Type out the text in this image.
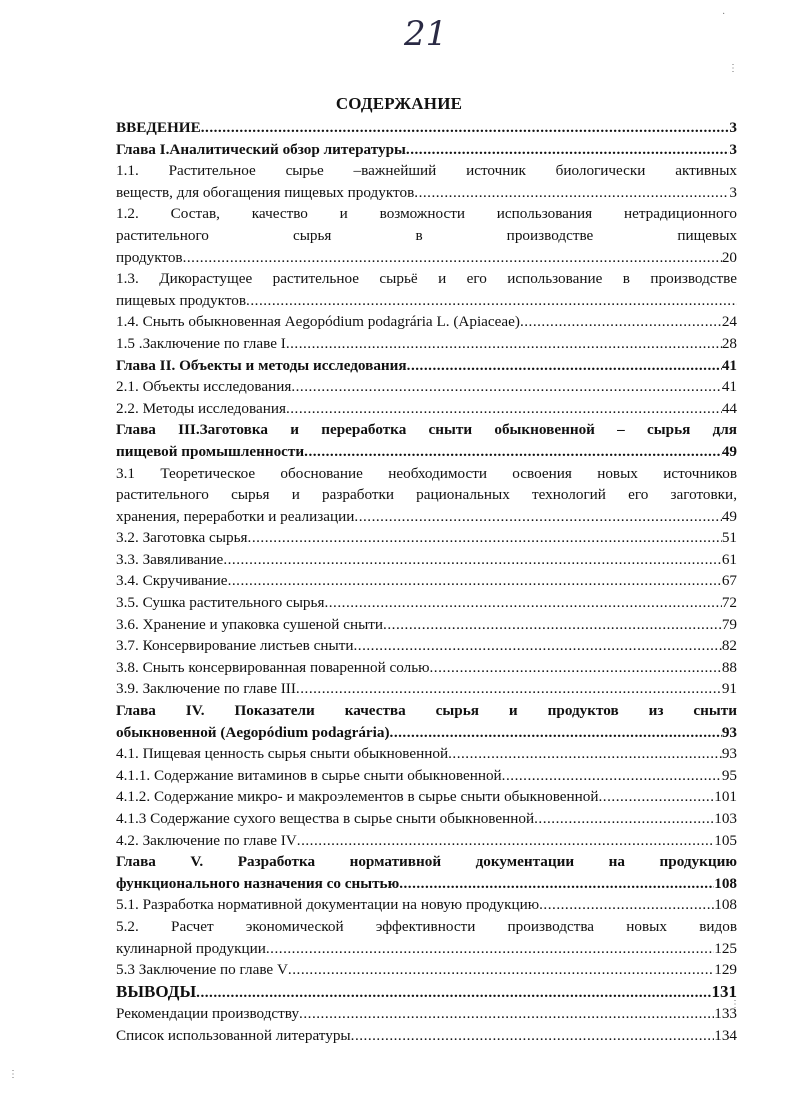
21
СОДЕРЖАНИЕ
ВВЕДЕНИЕ .....	3
Глава I.Аналитический обзор литературы .....	3
1.1. Растительное сырье –важнейший источник биологически активных
веществ, для обогащения пищевых продуктов .....	3
1.2. Состав, качество и возможности использования нетрадиционного
растительного сырья в производстве пищевых
продуктов .....	20
1.3. Дикорастущее растительное сырьё и его использование в производстве
пищевых продуктов
.....
1.4. Сныть обыкновенная Aegopódium podagrária L. (Apiaceae) .....	24
1.5 .Заключение по главе I .....	28
Глава II. Объекты и методы исследования .....	41
2.1. Объекты исследования .....	41
2.2. Методы исследования .....	44
Глава III.Заготовка и переработка сныти обыкновенной – сырья для
пищевой промышленности .....	49
3.1 Теоретическое обоснование необходимости освоения новых источников
растительного сырья и разработки рациональных технологий его заготовки,
хранения, переработки и реализации .....	49
3.2. Заготовка сырья .....	51
3.3. Завяливание .....	61
3.4. Скручивание .....	67
3.5. Сушка растительного сырья .....	72
3.6. Хранение и упаковка сушеной сныти .....	79
3.7. Консервирование листьев сныти .....	82
3.8. Сныть консервированная поваренной солью .....	88
3.9. Заключение по главе III .....	91
Глава IV. Показатели качества сырья и продуктов из сныти
обыкновенной (Aegopódium podagrária) .....	93
4.1. Пищевая ценность сырья сныти обыкновенной .....	93
4.1.1. Содержание витаминов в сырье сныти обыкновенной .....	95
4.1.2. Содержание микро- и макроэлементов в сырье сныти обыкновенной .....	101
4.1.3 Содержание сухого вещества в сырье сныти обыкновенной .....	103
4.2. Заключение по главе IV .....	105
Глава V. Разработка нормативной документации на продукцию
функционального назначения со снытью .....	108
5.1. Разработка нормативной документации на новую продукцию .....	108
5.2. Расчет экономической эффективности производства новых видов
кулинарной продукции .....	125
5.3 Заключение по главе V .....	129
ВЫВОДЫ .....	131
Рекомендации производству .....	133
Список использованной литературы .....	134
·
⋮
⋮
⋮
